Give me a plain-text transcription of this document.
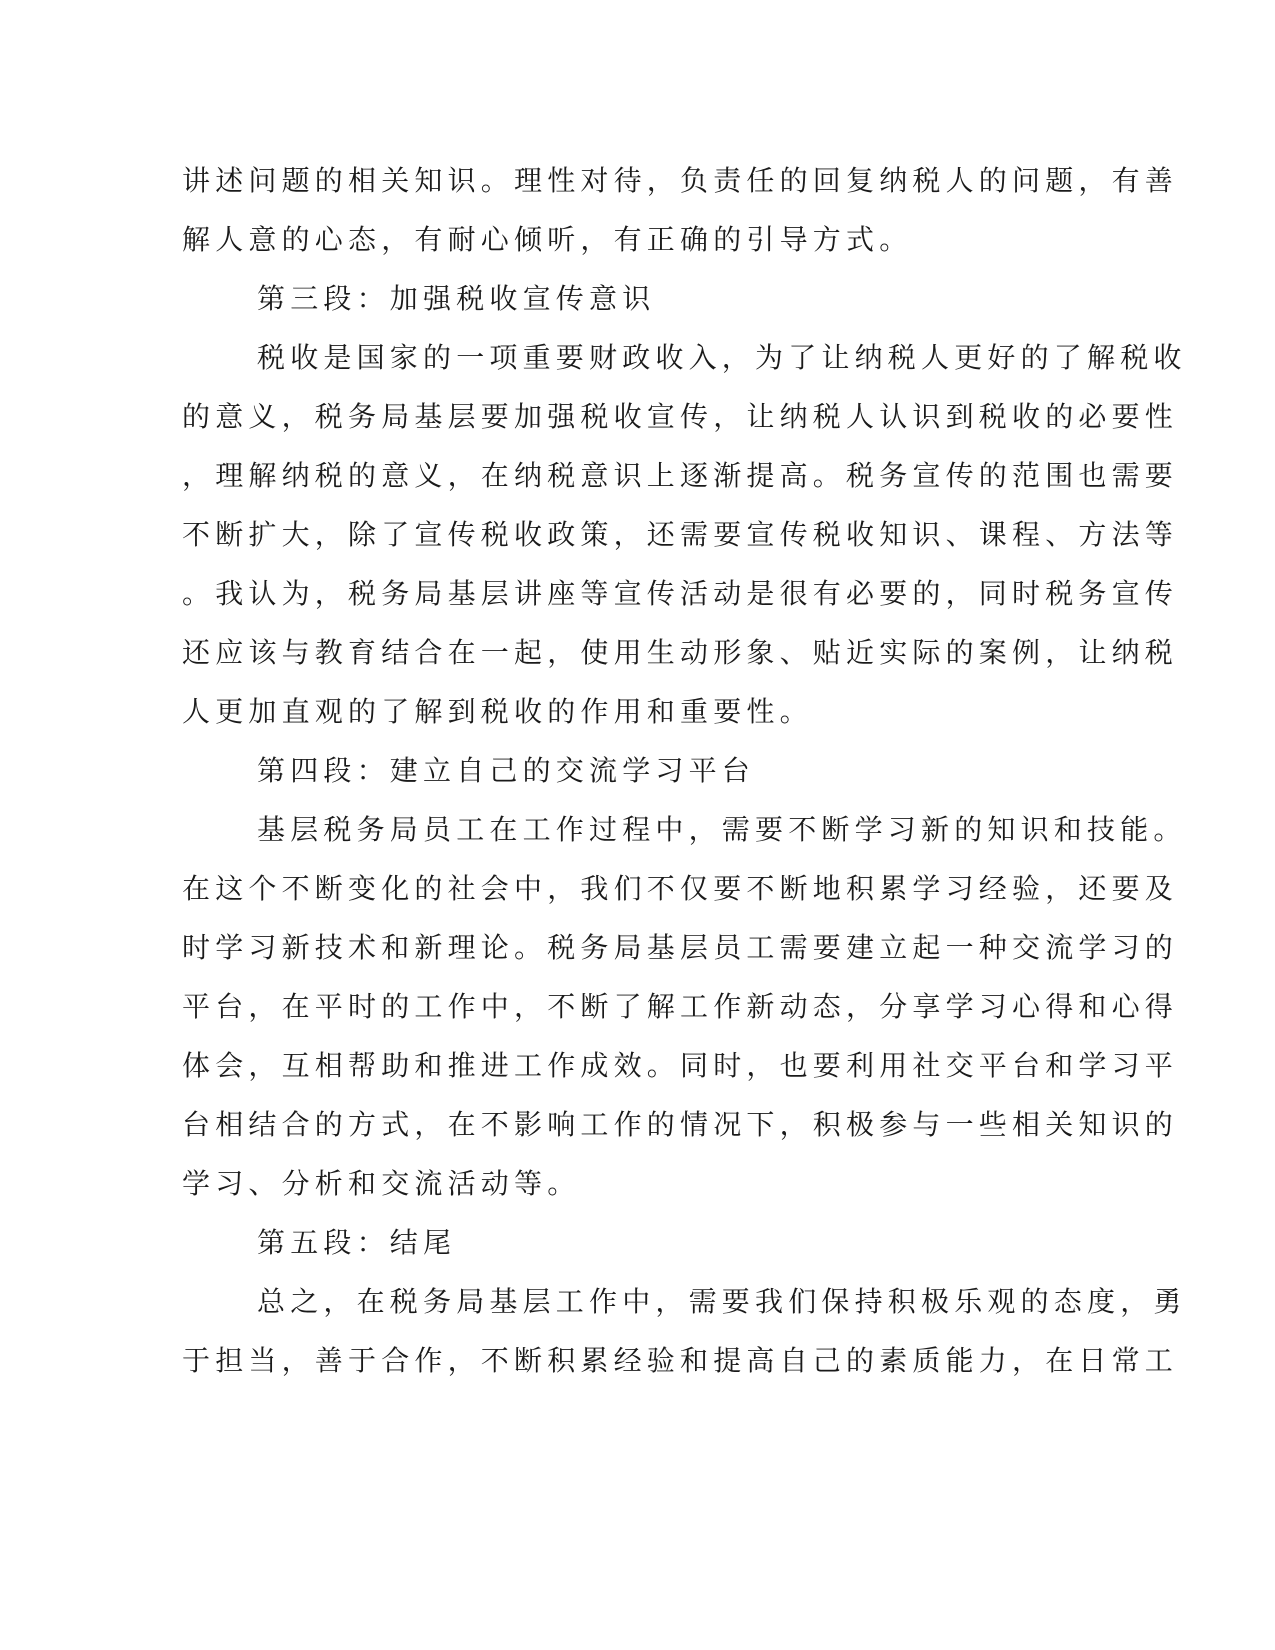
讲述问题的相关知识。理性对待，负责任的回复纳税人的问题，有善
解人意的心态，有耐心倾听，有正确的引导方式。
第三段：加强税收宣传意识
税收是国家的一项重要财政收入，为了让纳税人更好的了解税收
的意义，税务局基层要加强税收宣传，让纳税人认识到税收的必要性
，理解纳税的意义，在纳税意识上逐渐提高。税务宣传的范围也需要
不断扩大，除了宣传税收政策，还需要宣传税收知识、课程、方法等
。我认为，税务局基层讲座等宣传活动是很有必要的，同时税务宣传
还应该与教育结合在一起，使用生动形象、贴近实际的案例，让纳税
人更加直观的了解到税收的作用和重要性。
第四段：建立自己的交流学习平台
基层税务局员工在工作过程中，需要不断学习新的知识和技能。
在这个不断变化的社会中，我们不仅要不断地积累学习经验，还要及
时学习新技术和新理论。税务局基层员工需要建立起一种交流学习的
平台，在平时的工作中，不断了解工作新动态，分享学习心得和心得
体会，互相帮助和推进工作成效。同时，也要利用社交平台和学习平
台相结合的方式，在不影响工作的情况下，积极参与一些相关知识的
学习、分析和交流活动等。
第五段：结尾
总之，在税务局基层工作中，需要我们保持积极乐观的态度，勇
于担当，善于合作，不断积累经验和提高自己的素质能力，在日常工
